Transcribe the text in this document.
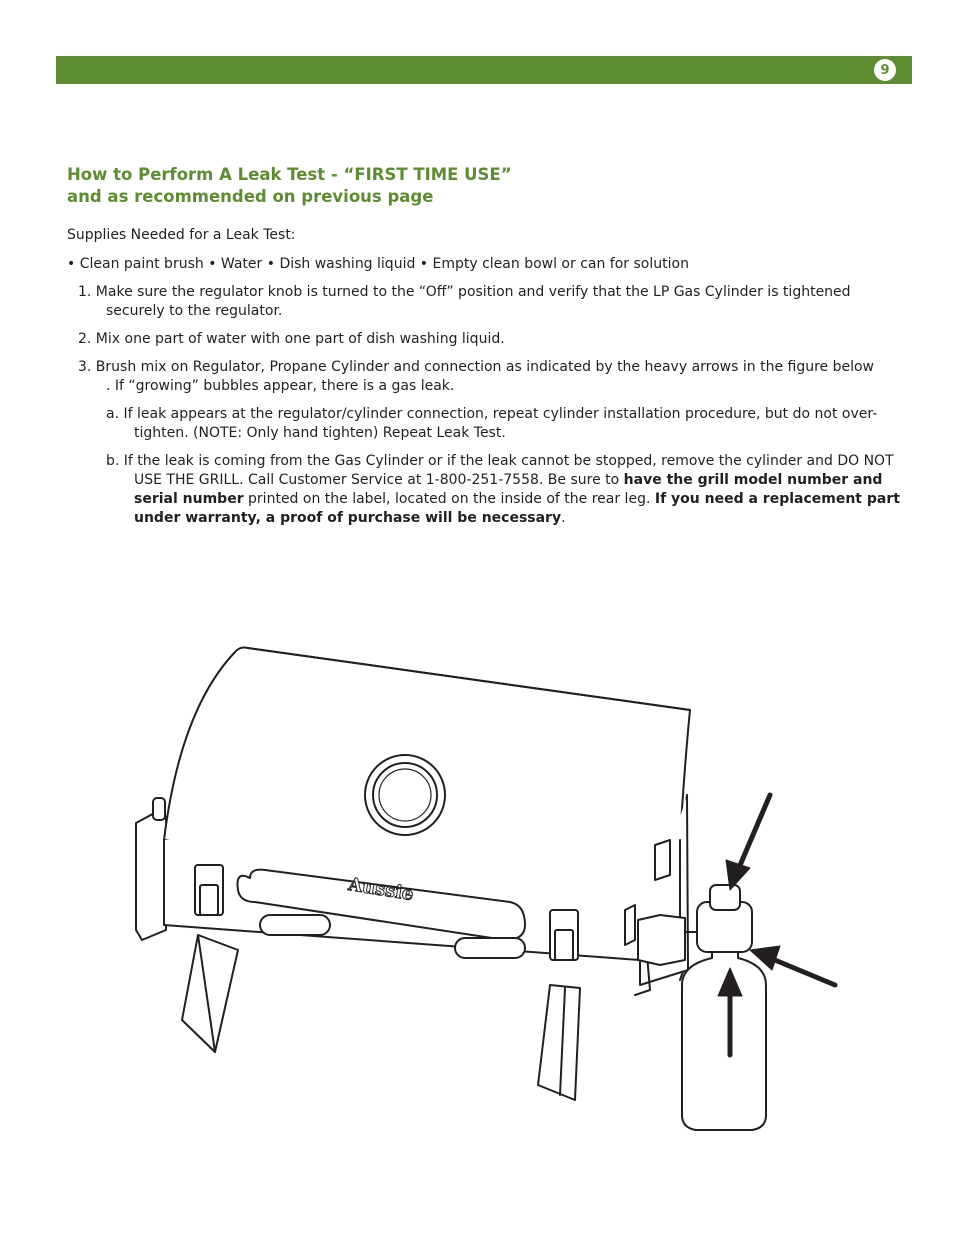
9
How to Perform A Leak Test - “FIRST TIME USE”
and as recommended on previous page
Supplies Needed for a Leak Test:
• Clean paint brush • Water • Dish washing liquid • Empty clean bowl or can for solution
1. Make sure the regulator knob is turned to the “Off” position and verify that the LP Gas Cylinder is tightened
securely to the regulator.
2. Mix one part of water with one part of dish washing liquid.
3. Brush mix on Regulator, Propane Cylinder and connection as indicated by the heavy arrows in the figure below
. If “growing” bubbles appear, there is a gas leak.
a. If leak appears at the regulator/cylinder connection, repeat cylinder installation procedure, but do not over-
tighten. (NOTE: Only hand tighten) Repeat Leak Test.
b. If the leak is coming from the Gas Cylinder or if the leak cannot be stopped, remove the cylinder and DO NOT
USE THE GRILL. Call Customer Service at 1-800-251-7558. Be sure to have the grill model number and
serial number printed on the label, located on the inside of the rear leg. If you need a replacement part
under warranty, a proof of purchase will be necessary.
Aussie
